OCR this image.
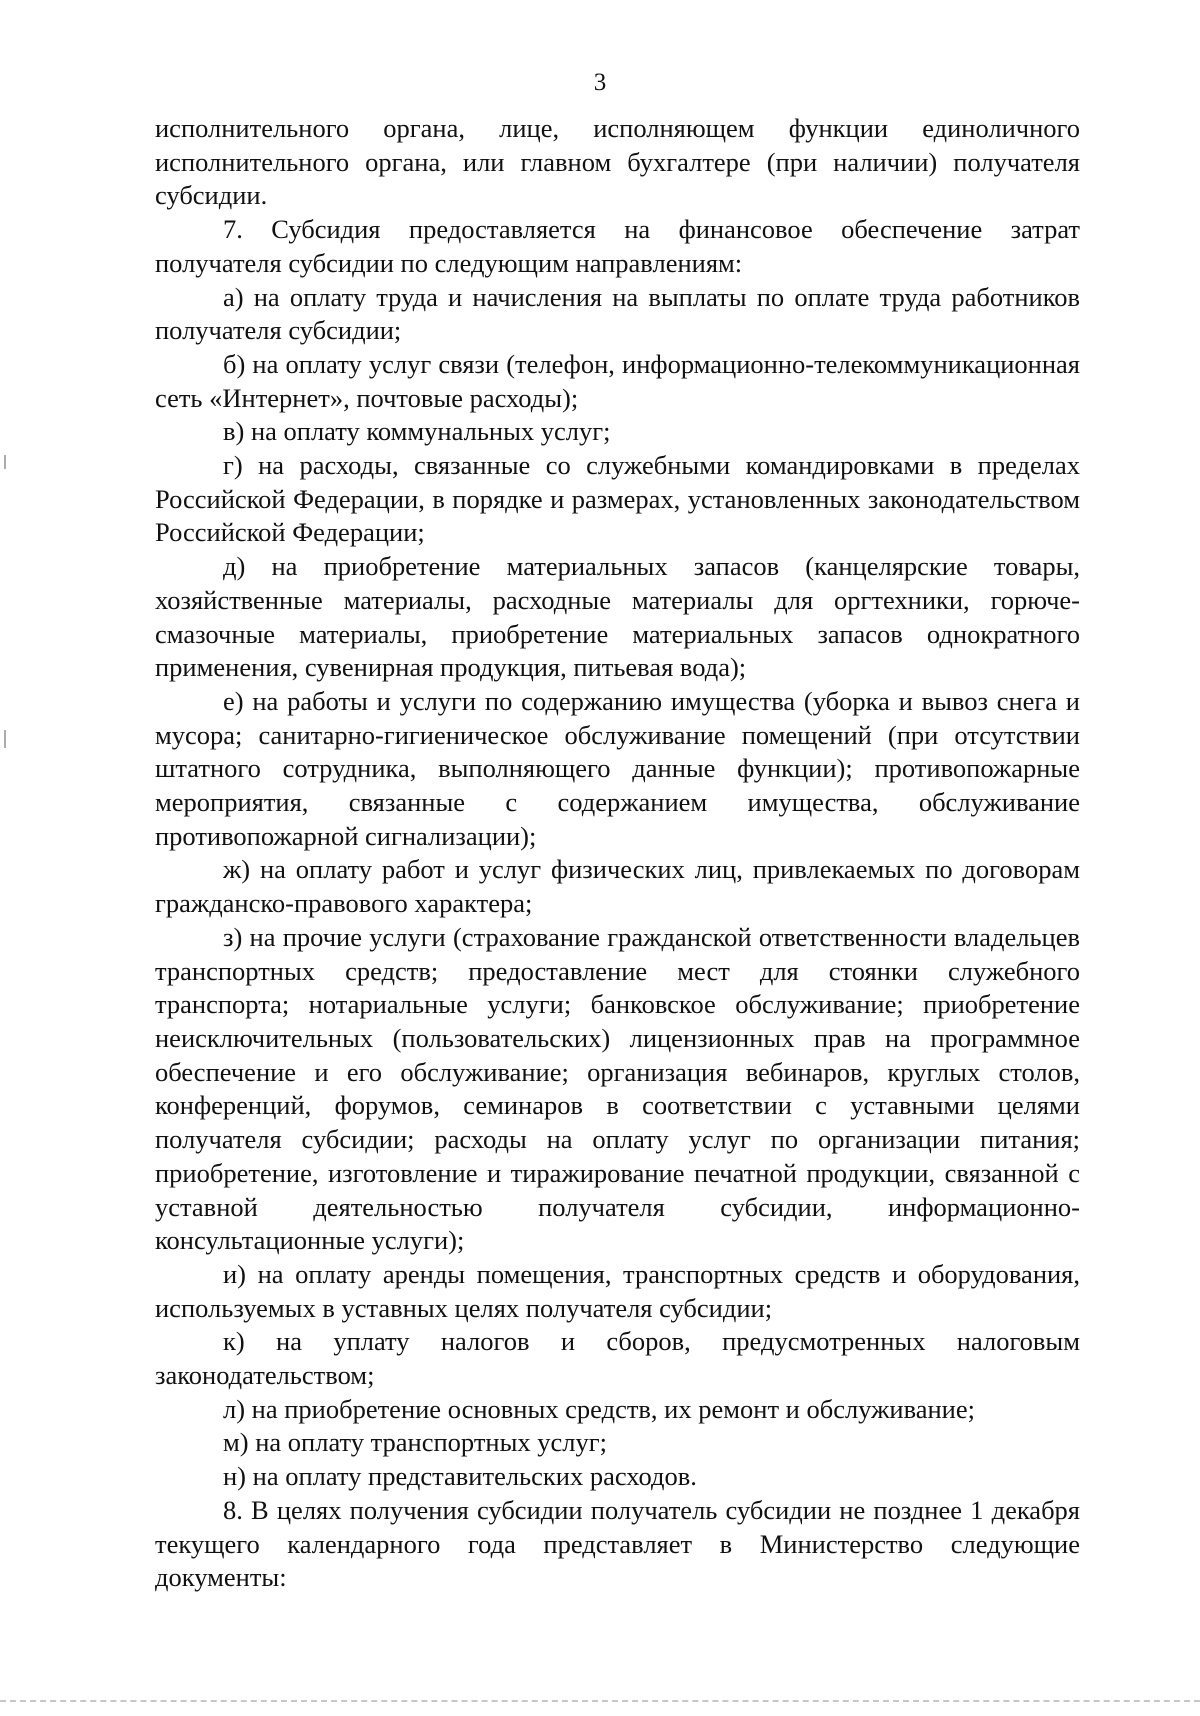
3

исполнительного органа, лице, исполняющем функции единоличного исполнительного органа, или главном бухгалтере (при наличии) получателя субсидии.

7. Субсидия предоставляется на финансовое обеспечение затрат получателя субсидии по следующим направлениям:

а) на оплату труда и начисления на выплаты по оплате труда работников получателя субсидии;

б) на оплату услуг связи (телефон, информационно-телекоммуникационная сеть «Интернет», почтовые расходы);

в) на оплату коммунальных услуг;

г) на расходы, связанные со служебными командировками в пределах Российской Федерации, в порядке и размерах, установленных законодательством Российской Федерации;

д) на приобретение материальных запасов (канцелярские товары, хозяйственные материалы, расходные материалы для оргтехники, горюче-смазочные материалы, приобретение материальных запасов однократного применения, сувенирная продукция, питьевая вода);

е) на работы и услуги по содержанию имущества (уборка и вывоз снега и мусора; санитарно-гигиеническое обслуживание помещений (при отсутствии штатного сотрудника, выполняющего данные функции); противопожарные мероприятия, связанные с содержанием имущества, обслуживание противопожарной сигнализации);

ж) на оплату работ и услуг физических лиц, привлекаемых по договорам гражданско-правового характера;

з) на прочие услуги (страхование гражданской ответственности владельцев транспортных средств; предоставление мест для стоянки служебного транспорта; нотариальные услуги; банковское обслуживание; приобретение неисключительных (пользовательских) лицензионных прав на программное обеспечение и его обслуживание; организация вебинаров, круглых столов, конференций, форумов, семинаров в соответствии с уставными целями получателя субсидии; расходы на оплату услуг по организации питания; приобретение, изготовление и тиражирование печатной продукции, связанной с уставной деятельностью получателя субсидии, информационно-консультационные услуги);

и) на оплату аренды помещения, транспортных средств и оборудования, используемых в уставных целях получателя субсидии;

к) на уплату налогов и сборов, предусмотренных налоговым законодательством;

л) на приобретение основных средств, их ремонт и обслуживание;

м) на оплату транспортных услуг;

н) на оплату представительских расходов.

8. В целях получения субсидии получатель субсидии не позднее 1 декабря текущего календарного года представляет в Министерство следующие документы:
